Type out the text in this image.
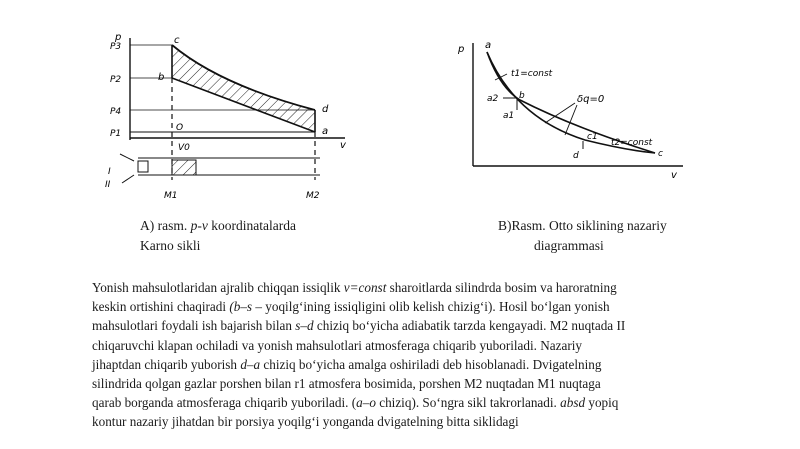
p
v
P3
P2
P4
P1
c
b
d
a
O
V0
I
II
M1	M2
p
v
a
a2 b
a1
c1
d	c
t1=const
t2=const
δq=0
A) rasm. p-v koordinatalarda
Karno sikli
B)Rasm. Otto siklining nazariy
diagrammasi

Yonish mahsulotlaridan ajralib chiqqan issiqlik v=const sharoitlarda silindrda bosim va haroratning

keskin ortishini chaqiradi (b–s – yoqilg‘ining issiqligini olib kelish chizig‘i). Hosil bo‘lgan yonish

mahsulotlari foydali ish bajarish bilan s–d chiziq bo‘yicha adiabatik tarzda kengayadi. M2 nuqtada II

chiqaruvchi klapan ochiladi va yonish mahsulotlari atmosferaga chiqarib yuboriladi. Nazariy

jihaptdan chiqarib yuborish d–a chiziq bo‘yicha amalga oshiriladi deb hisoblanadi. Dvigatelning

silindrida qolgan gazlar porshen bilan r1 atmosfera bosimida, porshen M2 nuqtadan M1 nuqtaga

qarab borganda atmosferaga chiqarib yuboriladi. (a–o chiziq). So‘ngra sikl takrorlanadi. absd yopiq

kontur nazariy jihatdan bir porsiya yoqilg‘i yonganda dvigatelning bitta siklidagi
